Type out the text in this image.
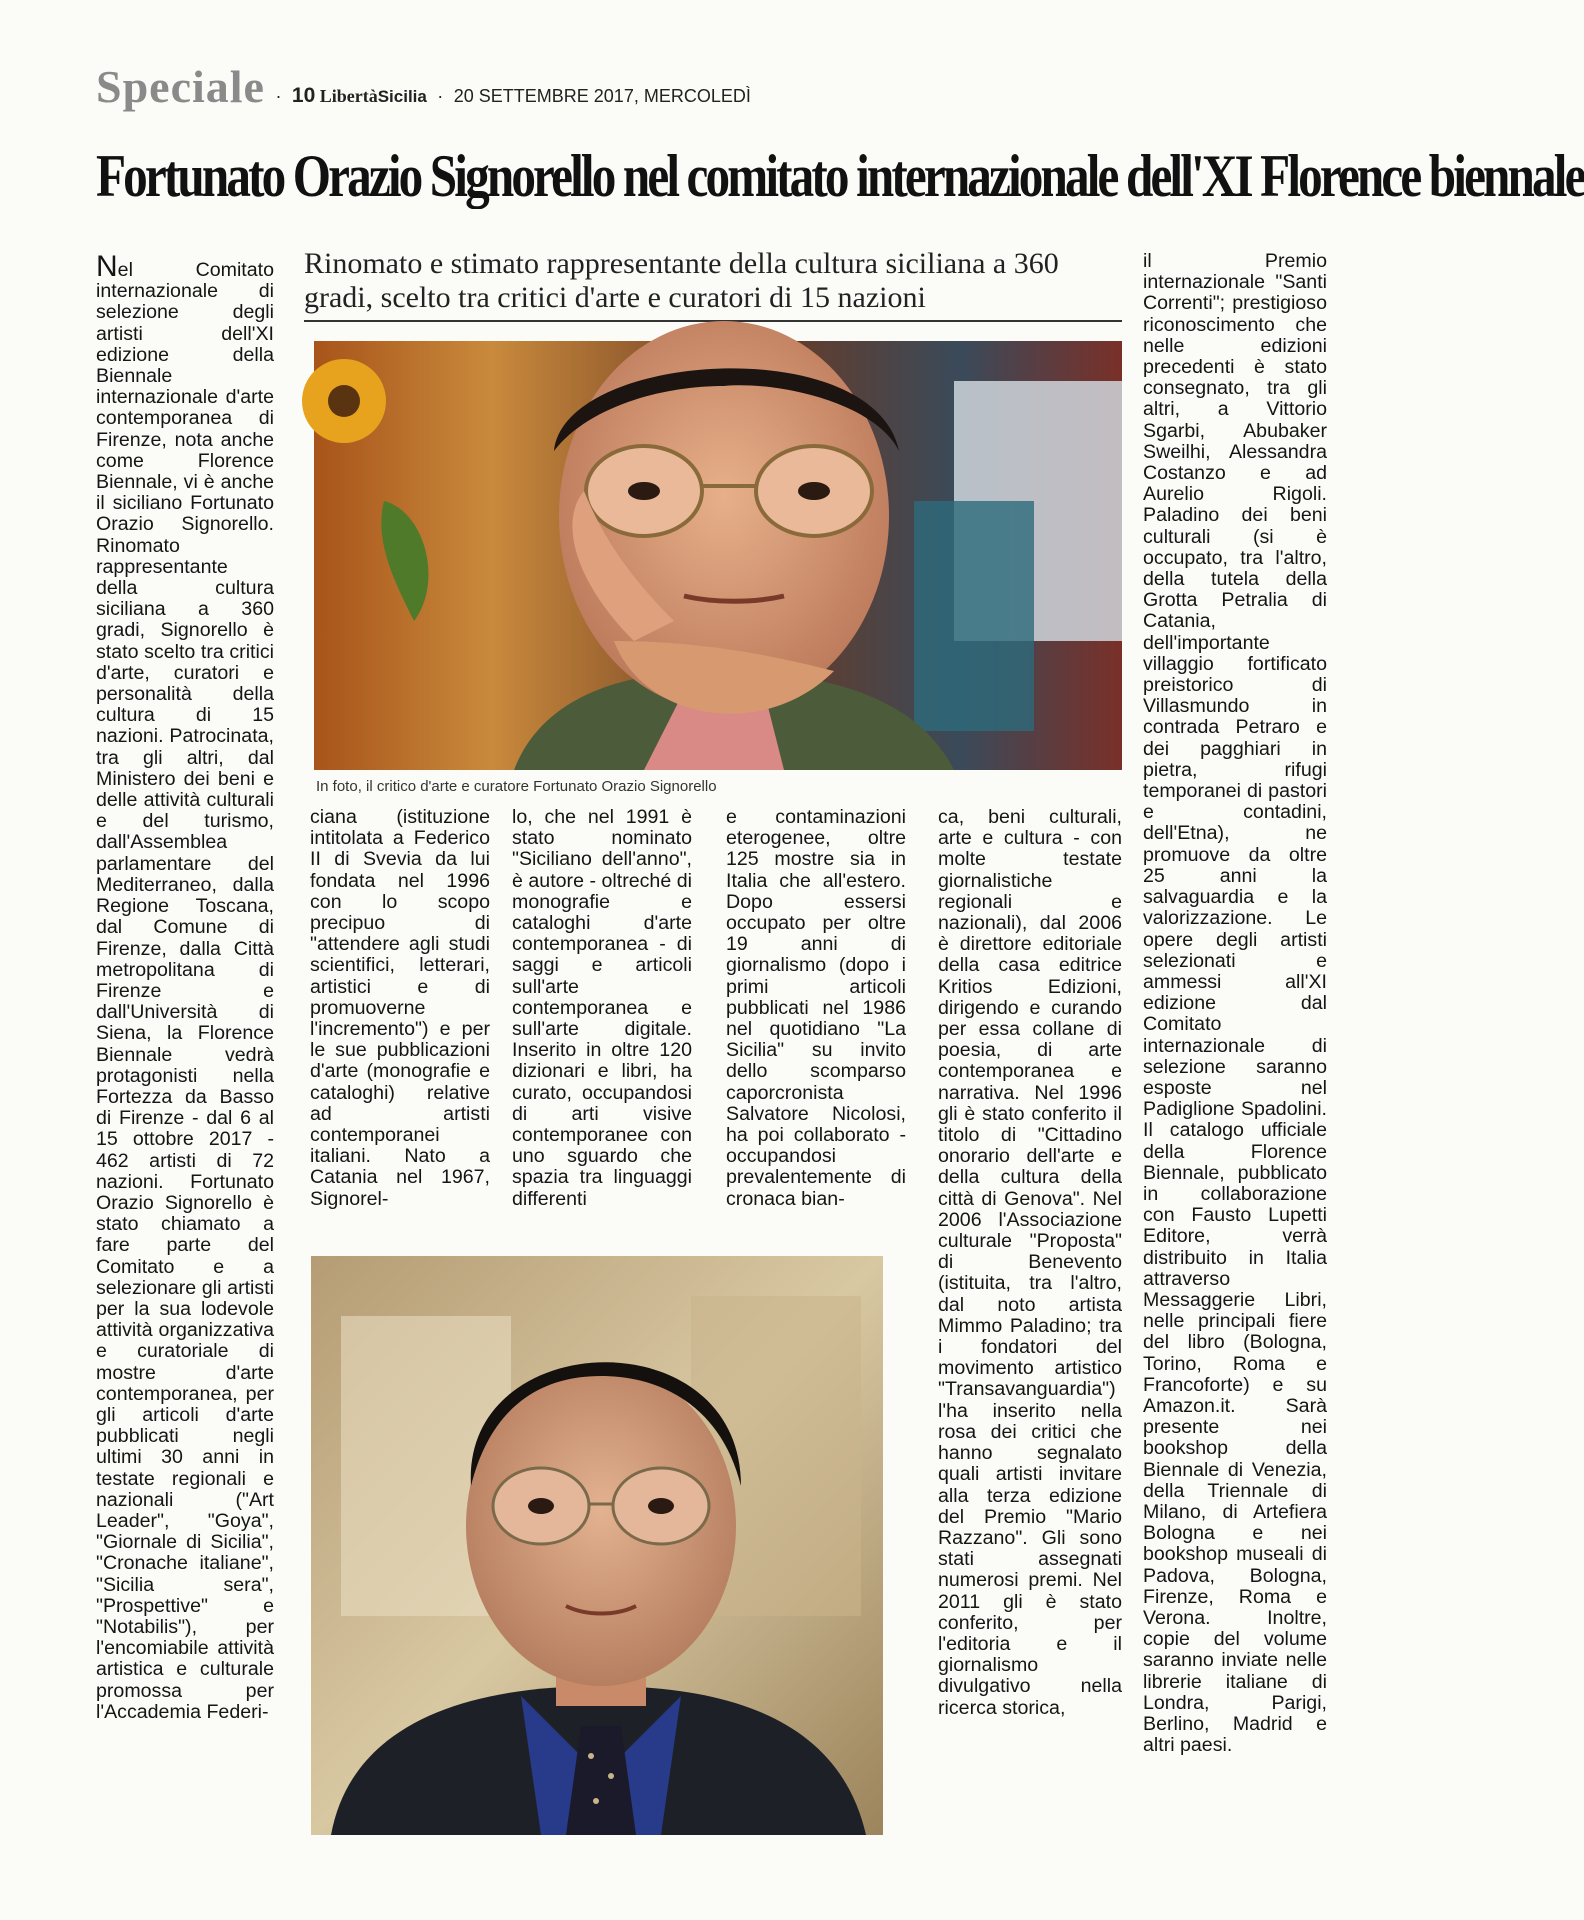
Speciale · 10 LibertàSicilia · 20 SETTEMBRE 2017, MERCOLEDÌ
Fortunato Orazio Signorello nel comitato internazionale dell'XI Florence biennale
Nel Comitato internazionale di selezione degli artisti dell'XI edizione della Biennale internazionale d'arte contemporanea di Firenze, nota anche come Florence Biennale, vi è anche il siciliano Fortunato Orazio Signorello. Rinomato rappresentante della cultura siciliana a 360 gradi, Signorello è stato scelto tra critici d'arte, curatori e personalità della cultura di 15 nazioni. Patrocinata, tra gli altri, dal Ministero dei beni e delle attività culturali e del turismo, dall'Assemblea parlamentare del Mediterraneo, dalla Regione Toscana, dal Comune di Firenze, dalla Città metropolitana di Firenze e dall'Università di Siena, la Florence Biennale vedrà protagonisti nella Fortezza da Basso di Firenze - dal 6 al 15 ottobre 2017 - 462 artisti di 72 nazioni. Fortunato Orazio Signorello è stato chiamato a fare parte del Comitato e a selezionare gli artisti per la sua lodevole attività organizzativa e curatoriale di mostre d'arte contemporanea, per gli articoli d'arte pubblicati negli ultimi 30 anni in testate regionali e nazionali ("Art Leader", "Goya", "Giornale di Sicilia", "Cronache italiane", "Sicilia sera", "Prospettive" e "Notabilis"), per l'encomiabile attività artistica e culturale promossa per l'Accademia Federi-
Rinomato e stimato rappresentante della cultura siciliana a 360 gradi, scelto tra critici d'arte e curatori di 15 nazioni
In foto, il critico d'arte e curatore Fortunato Orazio Signorello
ciana (istituzione intitolata a Federico II di Svevia da lui fondata nel 1996 con lo scopo precipuo di "attendere agli studi scientifici, letterari, artistici e di promuoverne l'incremento") e per le sue pubblicazioni d'arte (monografie e cataloghi) relative ad artisti contemporanei italiani. Nato a Catania nel 1967, Signorel-
lo, che nel 1991 è stato nominato "Siciliano dell'anno", è autore - oltreché di monografie e cataloghi d'arte contemporanea - di saggi e articoli sull'arte contemporanea e sull'arte digitale. Inserito in oltre 120 dizionari e libri, ha curato, occupandosi di arti visive contemporanee con uno sguardo che spazia tra linguaggi differenti
e contaminazioni eterogenee, oltre 125 mostre sia in Italia che all'estero. Dopo essersi occupato per oltre 19 anni di giornalismo (dopo i primi articoli pubblicati nel 1986 nel quotidiano "La Sicilia" su invito dello scomparso caporcronista Salvatore Nicolosi, ha poi collaborato - occupandosi prevalentemente di cronaca bian-
ca, beni culturali, arte e cultura - con molte testate giornalistiche regionali e nazionali), dal 2006 è direttore editoriale della casa editrice Kritios Edizioni, dirigendo e curando per essa collane di poesia, di arte contemporanea e narrativa. Nel 1996 gli è stato conferito il titolo di "Cittadino onorario dell'arte e della cultura della città di Genova". Nel 2006 l'Associazione culturale "Proposta" di Benevento (istituita, tra l'altro, dal noto artista Mimmo Paladino; tra i fondatori del movimento artistico "Transavanguardia") l'ha inserito nella rosa dei critici che hanno segnalato quali artisti invitare alla terza edizione del Premio "Mario Razzano". Gli sono stati assegnati numerosi premi. Nel 2011 gli è stato conferito, per l'editoria e il giornalismo divulgativo nella ricerca storica,
il Premio internazionale "Santi Correnti"; prestigioso riconoscimento che nelle edizioni precedenti è stato consegnato, tra gli altri, a Vittorio Sgarbi, Abubaker Sweilhi, Alessandra Costanzo e ad Aurelio Rigoli. Paladino dei beni culturali (si è occupato, tra l'altro, della tutela della Grotta Petralia di Catania, dell'importante villaggio fortificato preistorico di Villasmundo in contrada Petraro e dei pagghiari in pietra, rifugi temporanei di pastori e contadini, dell'Etna), ne promuove da oltre 25 anni la salvaguardia e la valorizzazione. Le opere degli artisti selezionati e ammessi all'XI edizione dal Comitato internazionale di selezione saranno esposte nel Padiglione Spadolini. Il catalogo ufficiale della Florence Biennale, pubblicato in collaborazione con Fausto Lupetti Editore, verrà distribuito in Italia attraverso Messaggerie Libri, nelle principali fiere del libro (Bologna, Torino, Roma e Francoforte) e su Amazon.it. Sarà presente nei bookshop della Biennale di Venezia, della Triennale di Milano, di Artefiera Bologna e nei bookshop museali di Padova, Bologna, Firenze, Roma e Verona. Inoltre, copie del volume saranno inviate nelle librerie italiane di Londra, Parigi, Berlino, Madrid e altri paesi.
